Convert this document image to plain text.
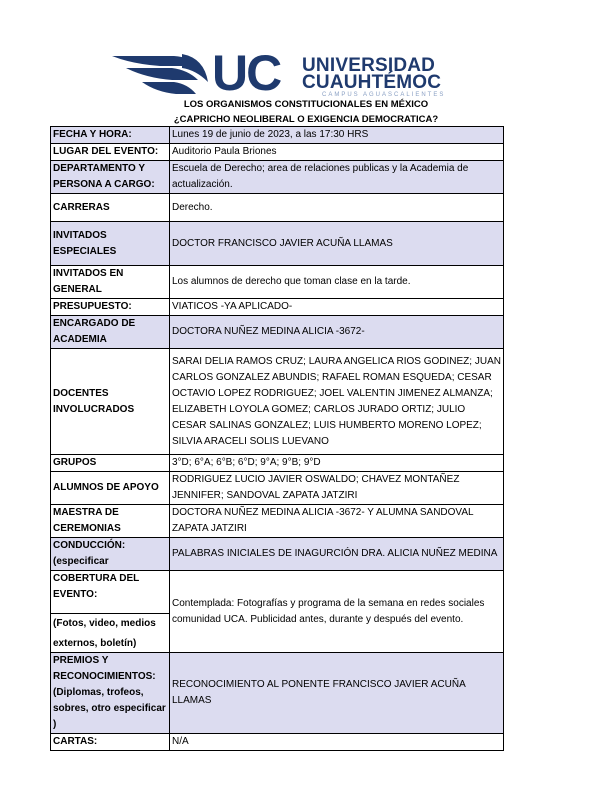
UC UNIVERSIDAD
CUAUHTÉMOC
CAMPUS AGUASCALIENTES
LOS ORGANISMOS CONSTITUCIONALES EN MÉXICO
¿CAPRICHO NEOLIBERAL O EXIGENCIA DEMOCRATICA?
FECHA Y HORA:	Lunes 19 de junio de 2023, a las 17:30 HRS
LUGAR DEL EVENTO:	Auditorio Paula Briones
DEPARTAMENTO Y PERSONA A CARGO:	Escuela de Derecho; area de relaciones publicas y la Academia de actualización.
CARRERAS	Derecho.
INVITADOS ESPECIALES	DOCTOR FRANCISCO JAVIER ACUÑA LLAMAS
INVITADOS EN GENERAL	Los alumnos de derecho que toman clase en la tarde.
PRESUPUESTO:	VIATICOS -YA APLICADO-
ENCARGADO DE ACADEMIA	DOCTORA NUÑEZ MEDINA ALICIA -3672-
DOCENTES INVOLUCRADOS	SARAI DELIA RAMOS CRUZ; LAURA ANGELICA RIOS GODINEZ; JUAN CARLOS GONZALEZ ABUNDIS; RAFAEL ROMAN ESQUEDA; CESAR OCTAVIO LOPEZ RODRIGUEZ; JOEL VALENTIN JIMENEZ ALMANZA; ELIZABETH LOYOLA GOMEZ; CARLOS JURADO ORTIZ; JULIO CESAR SALINAS GONZALEZ; LUIS HUMBERTO MORENO LOPEZ; SILVIA ARACELI SOLIS LUEVANO
GRUPOS	3°D; 6°A; 6°B; 6°D; 9°A; 9°B; 9°D
ALUMNOS DE APOYO	RODRIGUEZ LUCIO JAVIER OSWALDO; CHAVEZ MONTAÑEZ JENNIFER; SANDOVAL ZAPATA JATZIRI
MAESTRA DE CEREMONIAS	DOCTORA NUÑEZ MEDINA ALICIA -3672- Y ALUMNA SANDOVAL ZAPATA JATZIRI
CONDUCCIÓN: (especificar	PALABRAS INICIALES DE INAGURCIÓN DRA. ALICIA NUÑEZ MEDINA

COBERTURA DEL EVENTO:
(Fotos, video, medios
externos, boletín)	Contemplada: Fotografías y programa de la semana en redes sociales comunidad UCA. Publicidad antes, durante y después del evento.
PREMIOS Y RECONOCIMIENTOS: (Diplomas, trofeos, sobres, otro especificar )	RECONOCIMIENTO AL PONENTE FRANCISCO JAVIER ACUÑA LLAMAS
CARTAS:	N/A
